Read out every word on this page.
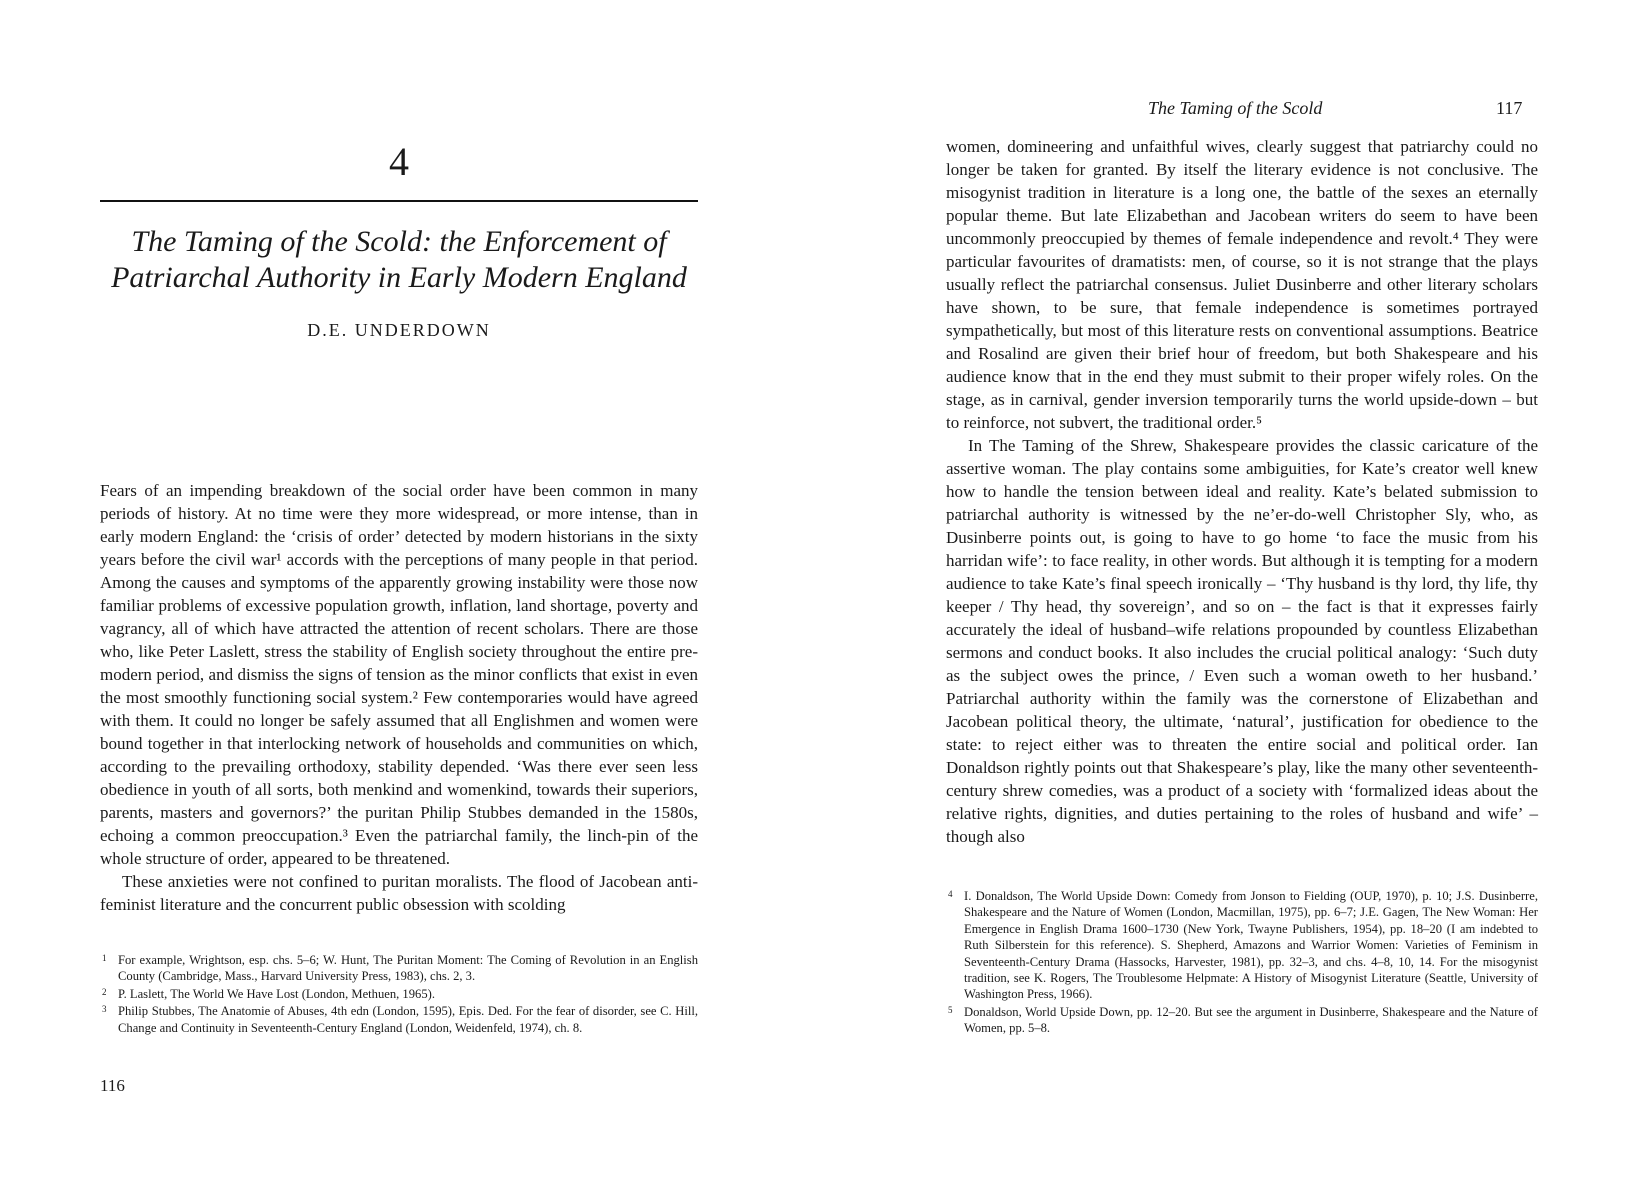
4
The Taming of the Scold: the Enforcement of Patriarchal Authority in Early Modern England
D.E. UNDERDOWN

Fears of an impending breakdown of the social order have been common in many periods of history. At no time were they more widespread, or more intense, than in early modern England: the ‘crisis of order’ detected by modern historians in the sixty years before the civil war¹ accords with the perceptions of many people in that period. Among the causes and symptoms of the apparently growing instability were those now familiar problems of excessive population growth, inflation, land shortage, poverty and vagrancy, all of which have attracted the attention of recent scholars. There are those who, like Peter Laslett, stress the stability of English society throughout the entire pre-modern period, and dismiss the signs of tension as the minor conflicts that exist in even the most smoothly functioning social system.² Few contemporaries would have agreed with them. It could no longer be safely assumed that all Englishmen and women were bound together in that interlocking network of households and communities on which, according to the prevailing orthodoxy, stability depended. ‘Was there ever seen less obedience in youth of all sorts, both menkind and womenkind, towards their superiors, parents, masters and governors?’ the puritan Philip Stubbes demanded in the 1580s, echoing a common preoccupation.³ Even the patriarchal family, the linch-pin of the whole structure of order, appeared to be threatened.

These anxieties were not confined to puritan moralists. The flood of Jacobean anti-feminist literature and the concurrent public obsession with scolding

1 For example, Wrightson, esp. chs. 5–6; W. Hunt, The Puritan Moment: The Coming of Revolution in an English County (Cambridge, Mass., Harvard University Press, 1983), chs. 2, 3.
2 P. Laslett, The World We Have Lost (London, Methuen, 1965).
3 Philip Stubbes, The Anatomie of Abuses, 4th edn (London, 1595), Epis. Ded. For the fear of disorder, see C. Hill, Change and Continuity in Seventeenth-Century England (London, Weidenfeld, 1974), ch. 8.
116
The Taming of the Scold	117

women, domineering and unfaithful wives, clearly suggest that patriarchy could no longer be taken for granted. By itself the literary evidence is not conclusive. The misogynist tradition in literature is a long one, the battle of the sexes an eternally popular theme. But late Elizabethan and Jacobean writers do seem to have been uncommonly preoccupied by themes of female independence and revolt.⁴ They were particular favourites of dramatists: men, of course, so it is not strange that the plays usually reflect the patriarchal consensus. Juliet Dusinberre and other literary scholars have shown, to be sure, that female independence is sometimes portrayed sympathetically, but most of this literature rests on conventional assumptions. Beatrice and Rosalind are given their brief hour of freedom, but both Shakespeare and his audience know that in the end they must submit to their proper wifely roles. On the stage, as in carnival, gender inversion temporarily turns the world upside-down – but to reinforce, not subvert, the traditional order.⁵

In The Taming of the Shrew, Shakespeare provides the classic caricature of the assertive woman. The play contains some ambiguities, for Kate’s creator well knew how to handle the tension between ideal and reality. Kate’s belated submission to patriarchal authority is witnessed by the ne’er-do-well Christopher Sly, who, as Dusinberre points out, is going to have to go home ‘to face the music from his harridan wife’: to face reality, in other words. But although it is tempting for a modern audience to take Kate’s final speech ironically – ‘Thy husband is thy lord, thy life, thy keeper / Thy head, thy sovereign’, and so on – the fact is that it expresses fairly accurately the ideal of husband–wife relations propounded by countless Elizabethan sermons and conduct books. It also includes the crucial political analogy: ‘Such duty as the subject owes the prince, / Even such a woman oweth to her husband.’ Patriarchal authority within the family was the cornerstone of Elizabethan and Jacobean political theory, the ultimate, ‘natural’, justification for obedience to the state: to reject either was to threaten the entire social and political order. Ian Donaldson rightly points out that Shakespeare’s play, like the many other seventeenth-century shrew comedies, was a product of a society with ‘formalized ideas about the relative rights, dignities, and duties pertaining to the roles of husband and wife’ – though also

4 I. Donaldson, The World Upside Down: Comedy from Jonson to Fielding (OUP, 1970), p. 10; J.S. Dusinberre, Shakespeare and the Nature of Women (London, Macmillan, 1975), pp. 6–7; J.E. Gagen, The New Woman: Her Emergence in English Drama 1600–1730 (New York, Twayne Publishers, 1954), pp. 18–20 (I am indebted to Ruth Silberstein for this reference). S. Shepherd, Amazons and Warrior Women: Varieties of Feminism in Seventeenth-Century Drama (Hassocks, Harvester, 1981), pp. 32–3, and chs. 4–8, 10, 14. For the misogynist tradition, see K. Rogers, The Troublesome Helpmate: A History of Misogynist Literature (Seattle, University of Washington Press, 1966).
5 Donaldson, World Upside Down, pp. 12–20. But see the argument in Dusinberre, Shakespeare and the Nature of Women, pp. 5–8.
